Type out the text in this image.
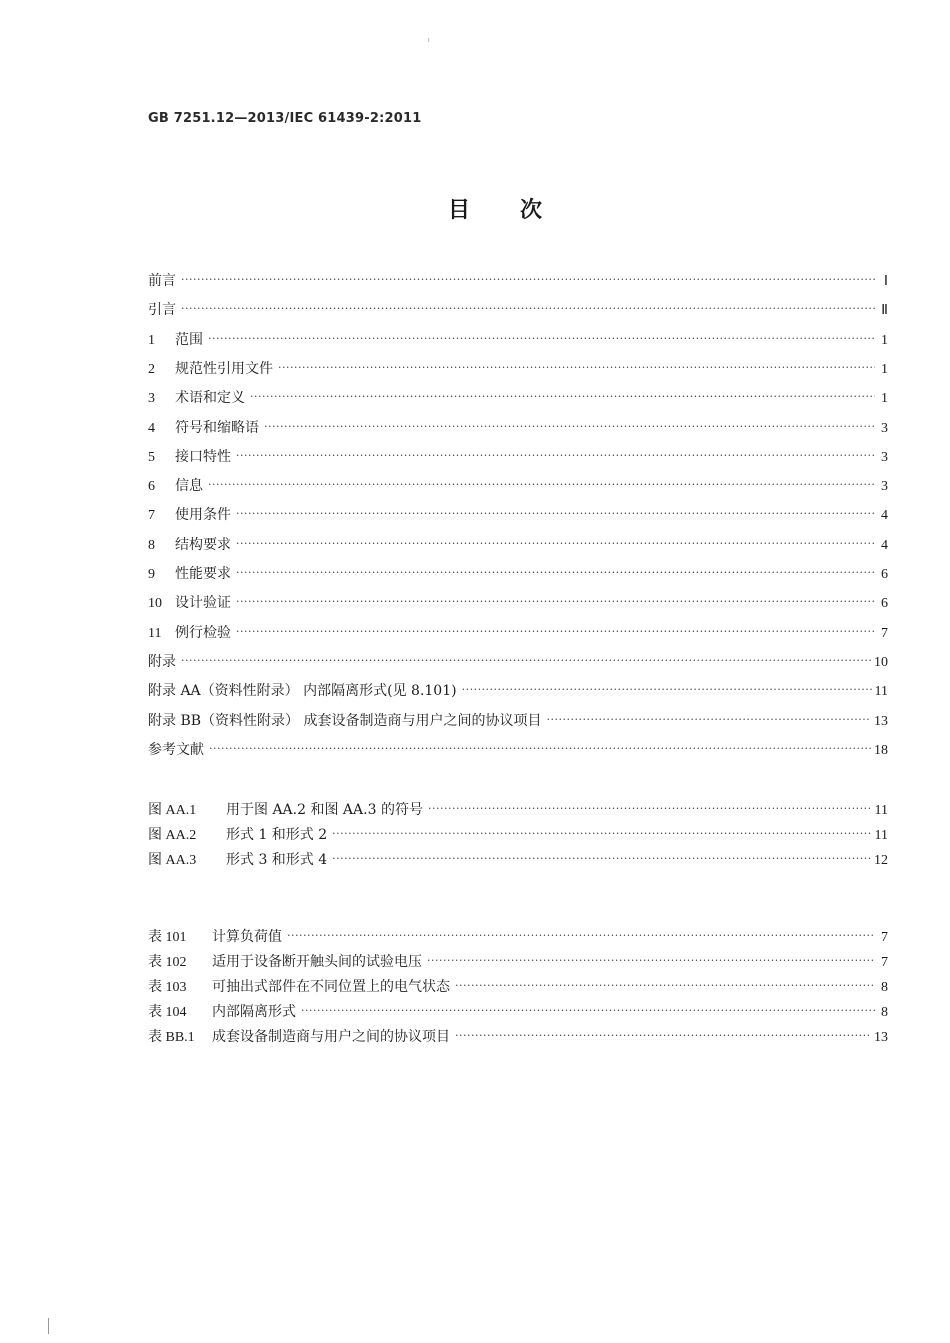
GB 7251.12—2013/IEC 61439-2:2011
目次
前言 ·····	Ⅰ
引言 ·····	Ⅱ
1	范围 ·····	1
2	规范性引用文件 ·····	1
3	术语和定义 ·····	1
4	符号和缩略语 ·····	3
5	接口特性 ·····	3
6	信息 ·····	3
7	使用条件 ·····	4
8	结构要求 ·····	4
9	性能要求 ·····	6
10 设计验证 ·····	6
11 例行检验 ·····	7
附录 ·····	10
附录 AA（资料性附录） 内部隔离形式(见 8.101) ·····	11
附录 BB（资料性附录） 成套设备制造商与用户之间的协议项目 ·····	13
参考文献 ·····	18
图 AA.1	用于图 AA.2 和图 AA.3 的符号 ·····	11
图 AA.2	形式 1 和形式 2 ·····	11
图 AA.3	形式 3 和形式 4 ·····	12
表 101	计算负荷值 ·····	7
表 102	适用于设备断开触头间的试验电压 ·····	7
表 103	可抽出式部件在不同位置上的电气状态 ·····	8
表 104	内部隔离形式 ·····	8
表 BB.1	成套设备制造商与用户之间的协议项目 ·····	13
